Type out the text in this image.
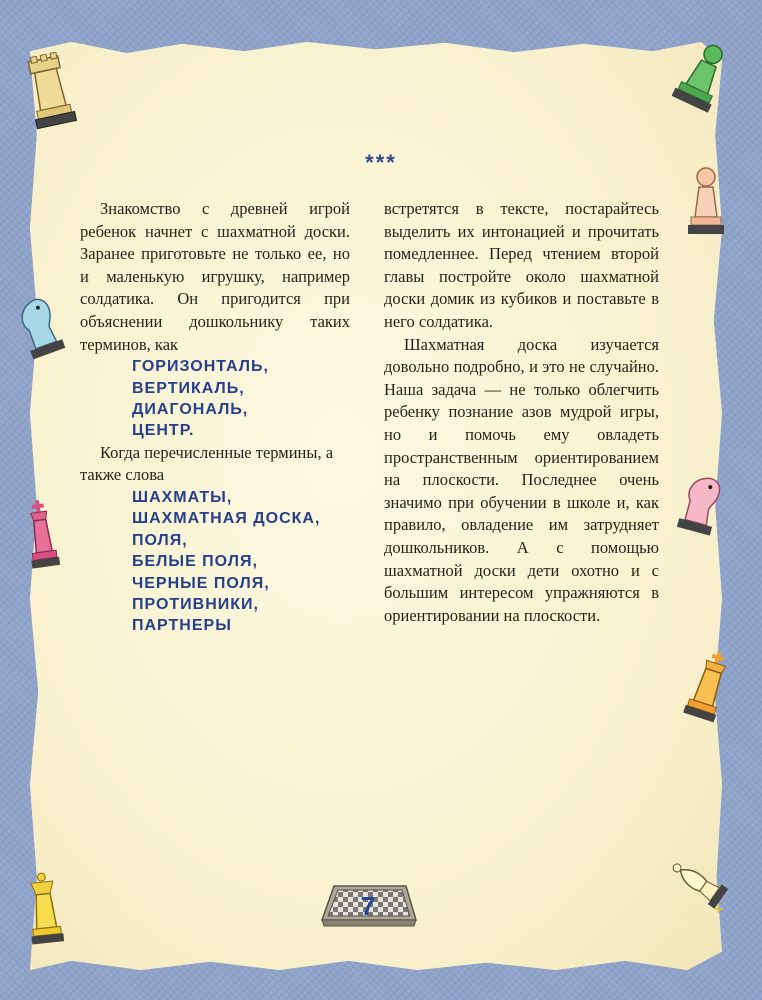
***

Знакомство с древней игрой ребенок начнет с шахматной доски. Заранее приготовьте не только ее, но и маленькую игрушку, например солдатика. Он пригодится при объяснении дошкольнику таких терминов, как

ГОРИЗОНТАЛЬ,
ВЕРТИКАЛЬ,
ДИАГОНАЛЬ,
ЦЕНТР.

Когда перечисленные термины, а также слова

ШАХМАТЫ,
ШАХМАТНАЯ ДОСКА,
ПОЛЯ,
БЕЛЫЕ ПОЛЯ,
ЧЕРНЫЕ ПОЛЯ,
ПРОТИВНИКИ,
ПАРТНЕРЫ

встретятся в тексте, постарайтесь выделить их интонацией и прочитать помедленнее. Перед чтением второй главы постройте около шахматной доски домик из кубиков и поставьте в него солдатика.

Шахматная доска изучается довольно подробно, и это не случайно. Наша задача — не только облегчить ребенку познание азов мудрой игры, но и помочь ему овладеть пространственным ориентированием на плоскости. Последнее очень значимо при обучении в школе и, как правило, овладение им затрудняет дошкольников. А с помощью шахматной доски дети охотно и с большим интересом упражняются в ориентировании на плоскости.

+
7
